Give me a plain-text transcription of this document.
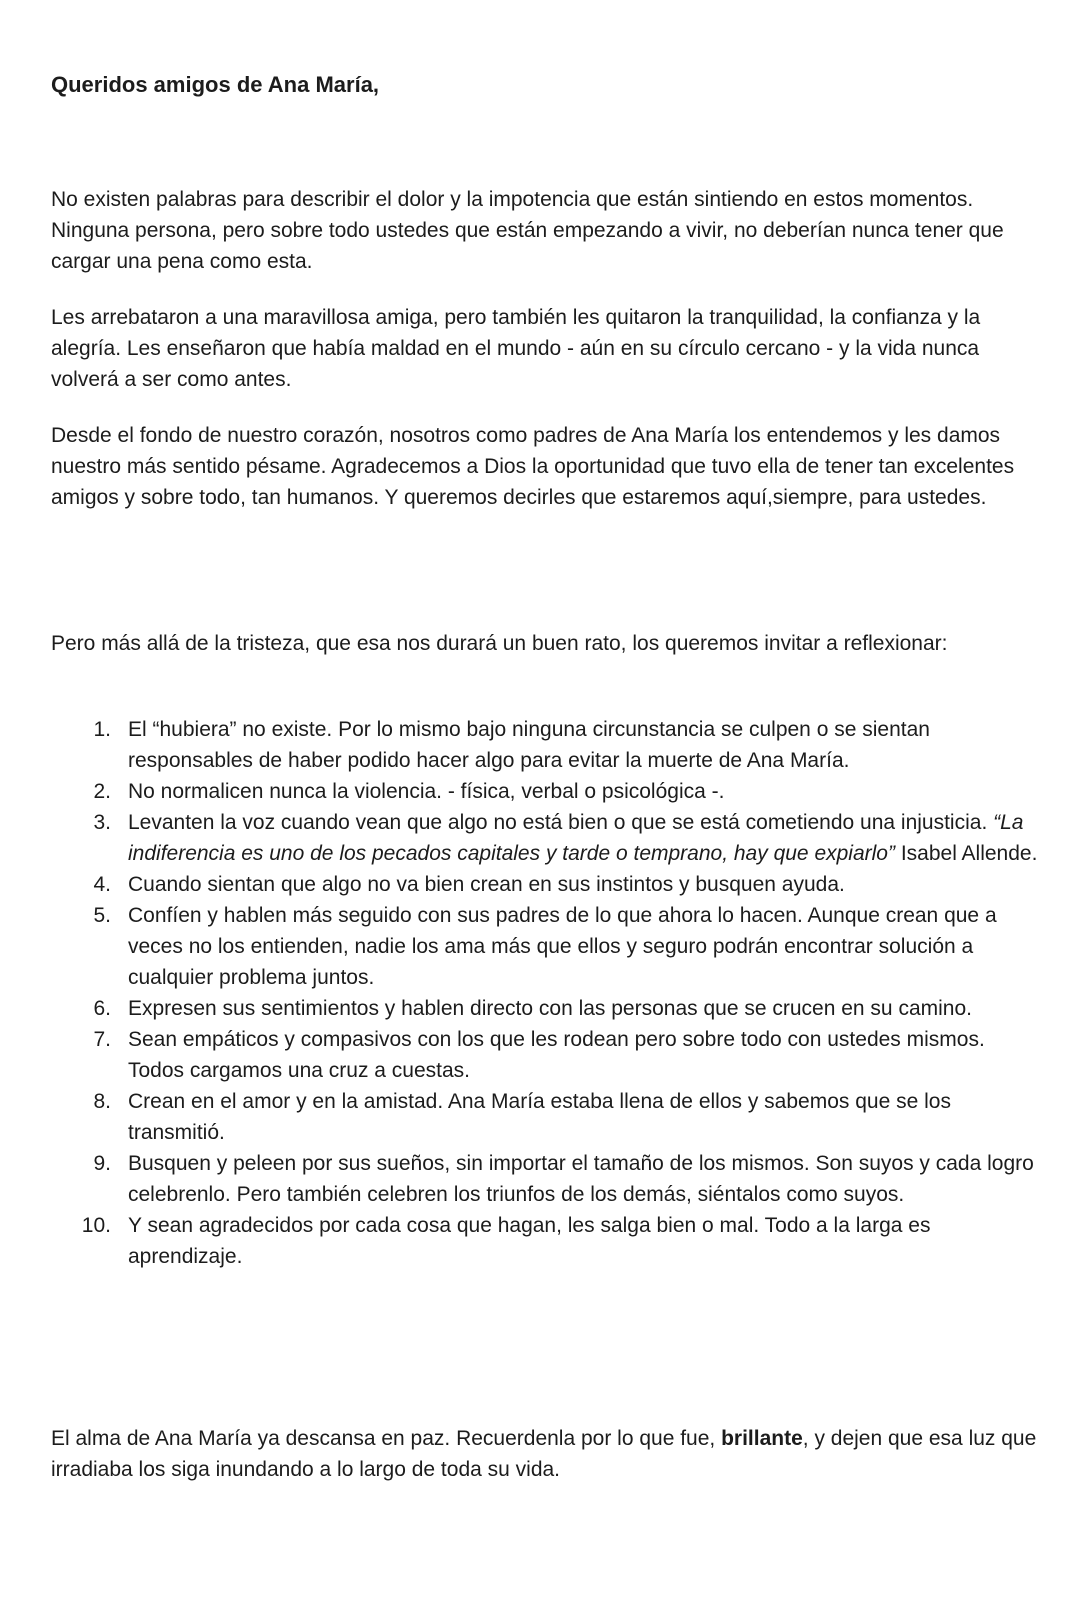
Queridos amigos de Ana María,

No existen palabras para describir el dolor y la impotencia que están sintiendo en estos momentos. Ninguna persona, pero sobre todo ustedes que están empezando a vivir, no deberían nunca tener que cargar una pena como esta.

Les arrebataron a una maravillosa amiga, pero también les quitaron la tranquilidad, la confianza y la alegría. Les enseñaron que había maldad en el mundo - aún en su círculo cercano - y la vida nunca volverá a ser como antes.

Desde el fondo de nuestro corazón, nosotros como padres de Ana María los entendemos y les damos nuestro más sentido pésame. Agradecemos a Dios la oportunidad que tuvo ella de tener tan excelentes amigos y sobre todo, tan humanos. Y queremos decirles que estaremos aquí,siempre, para ustedes.

Pero más allá de la tristeza, que esa nos durará un buen rato, los queremos invitar a reflexionar:

1. El “hubiera” no existe. Por lo mismo bajo ninguna circunstancia se culpen o se sientan responsables de haber podido hacer algo para evitar la muerte de Ana María.
2. No normalicen nunca la violencia. - física, verbal o psicológica -.
3. Levanten la voz cuando vean que algo no está bien o que se está cometiendo una injusticia. “La indiferencia es uno de los pecados capitales y tarde o temprano, hay que expiarlo” Isabel Allende.
4. Cuando sientan que algo no va bien crean en sus instintos y busquen ayuda.
5. Confíen y hablen más seguido con sus padres de lo que ahora lo hacen. Aunque crean que a veces no los entienden, nadie los ama más que ellos y seguro podrán encontrar solución a cualquier problema juntos.
6. Expresen sus sentimientos y hablen directo con las personas que se crucen en su camino.
7. Sean empáticos y compasivos con los que les rodean pero sobre todo con ustedes mismos. Todos cargamos una cruz a cuestas.
8. Crean en el amor y en la amistad. Ana María estaba llena de ellos y sabemos que se los transmitió.
9. Busquen y peleen por sus sueños, sin importar el tamaño de los mismos. Son suyos y cada logro celebrenlo. Pero también celebren los triunfos de los demás, siéntalos como suyos.
10. Y sean agradecidos por cada cosa que hagan, les salga bien o mal. Todo a la larga es aprendizaje.

El alma de Ana María ya descansa en paz. Recuerdenla por lo que fue, brillante, y dejen que esa luz que irradiaba los siga inundando a lo largo de toda su vida.
